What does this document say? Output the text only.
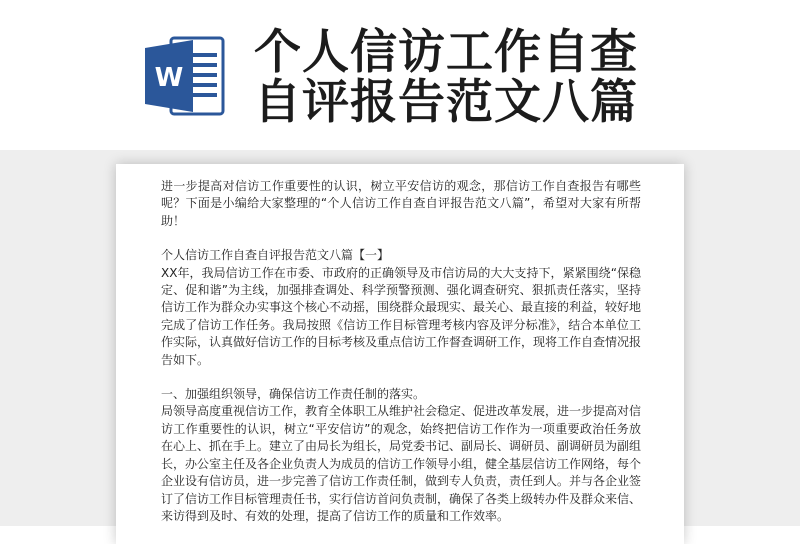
W 个人信访工作自查自评报告范文八篇

进一步提高对信访工作重要性的认识，树立平安信访的观念，那信访工作自查报告有哪些呢？下面是小编给大家整理的“个人信访工作自查自评报告范文八篇”，希望对大家有所帮助！

个人信访工作自查自评报告范文八篇【一】

XX年，我局信访工作在市委、市政府的正确领导及市信访局的大大支持下，紧紧围绕“保稳定、促和谐”为主线，加强排查调处、科学预警预测、强化调查研究、狠抓责任落实，坚持信访工作为群众办实事这个核心不动摇，围绕群众最现实、最关心、最直接的利益，较好地完成了信访工作任务。我局按照《信访工作目标管理考核内容及评分标准》，结合本单位工作实际，认真做好信访工作的目标考核及重点信访工作督查调研工作，现将工作自查情况报告如下。

一、加强组织领导，确保信访工作责任制的落实。

局领导高度重视信访工作，教育全体职工从维护社会稳定、促进改革发展，进一步提高对信访工作重要性的认识，树立“平安信访”的观念，始终把信访工作作为一项重要政治任务放在心上、抓在手上。建立了由局长为组长，局党委书记、副局长、调研员、副调研员为副组长，办公室主任及各企业负责人为成员的信访工作领导小组，健全基层信访工作网络，每个企业设有信访员，进一步完善了信访工作责任制，做到专人负责，责任到人。并与各企业签订了信访工作目标管理责任书，实行信访首问负责制，确保了各类上级转办件及群众来信、来访得到及时、有效的处理，提高了信访工作的质量和工作效率。
